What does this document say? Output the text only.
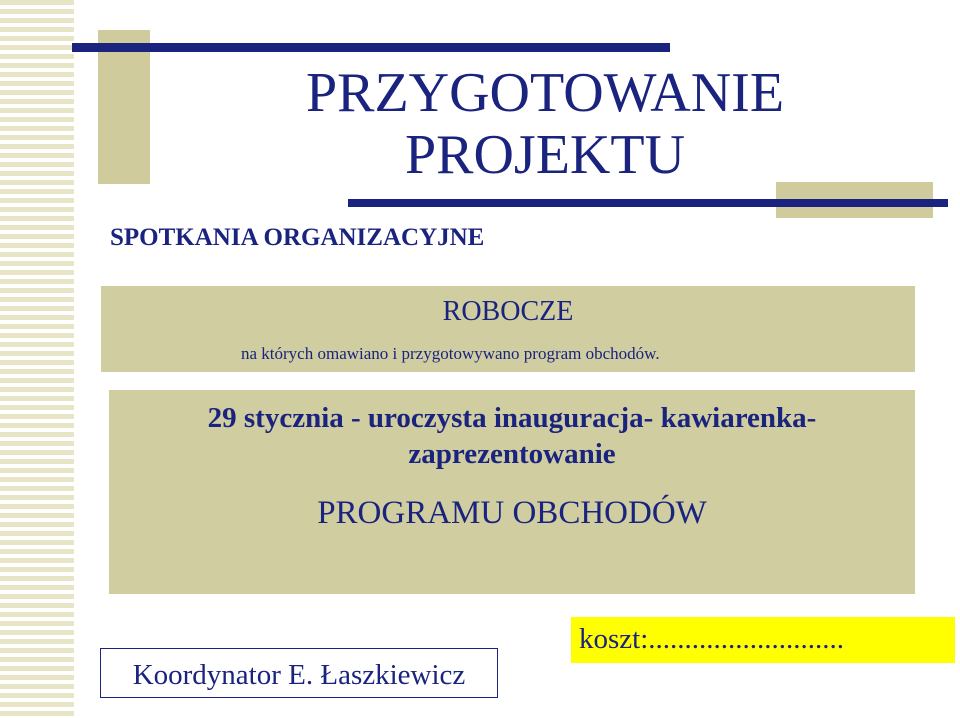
PRZYGOTOWANIE
PROJEKTU
SPOTKANIA ORGANIZACYJNE
ROBOCZE
na których omawiano i przygotowywano program obchodów.
29 stycznia - uroczysta inauguracja- kawiarenka-
zaprezentowanie
PROGRAMU OBCHODÓW
Koordynator E. Łaszkiewicz
koszt:...........................
